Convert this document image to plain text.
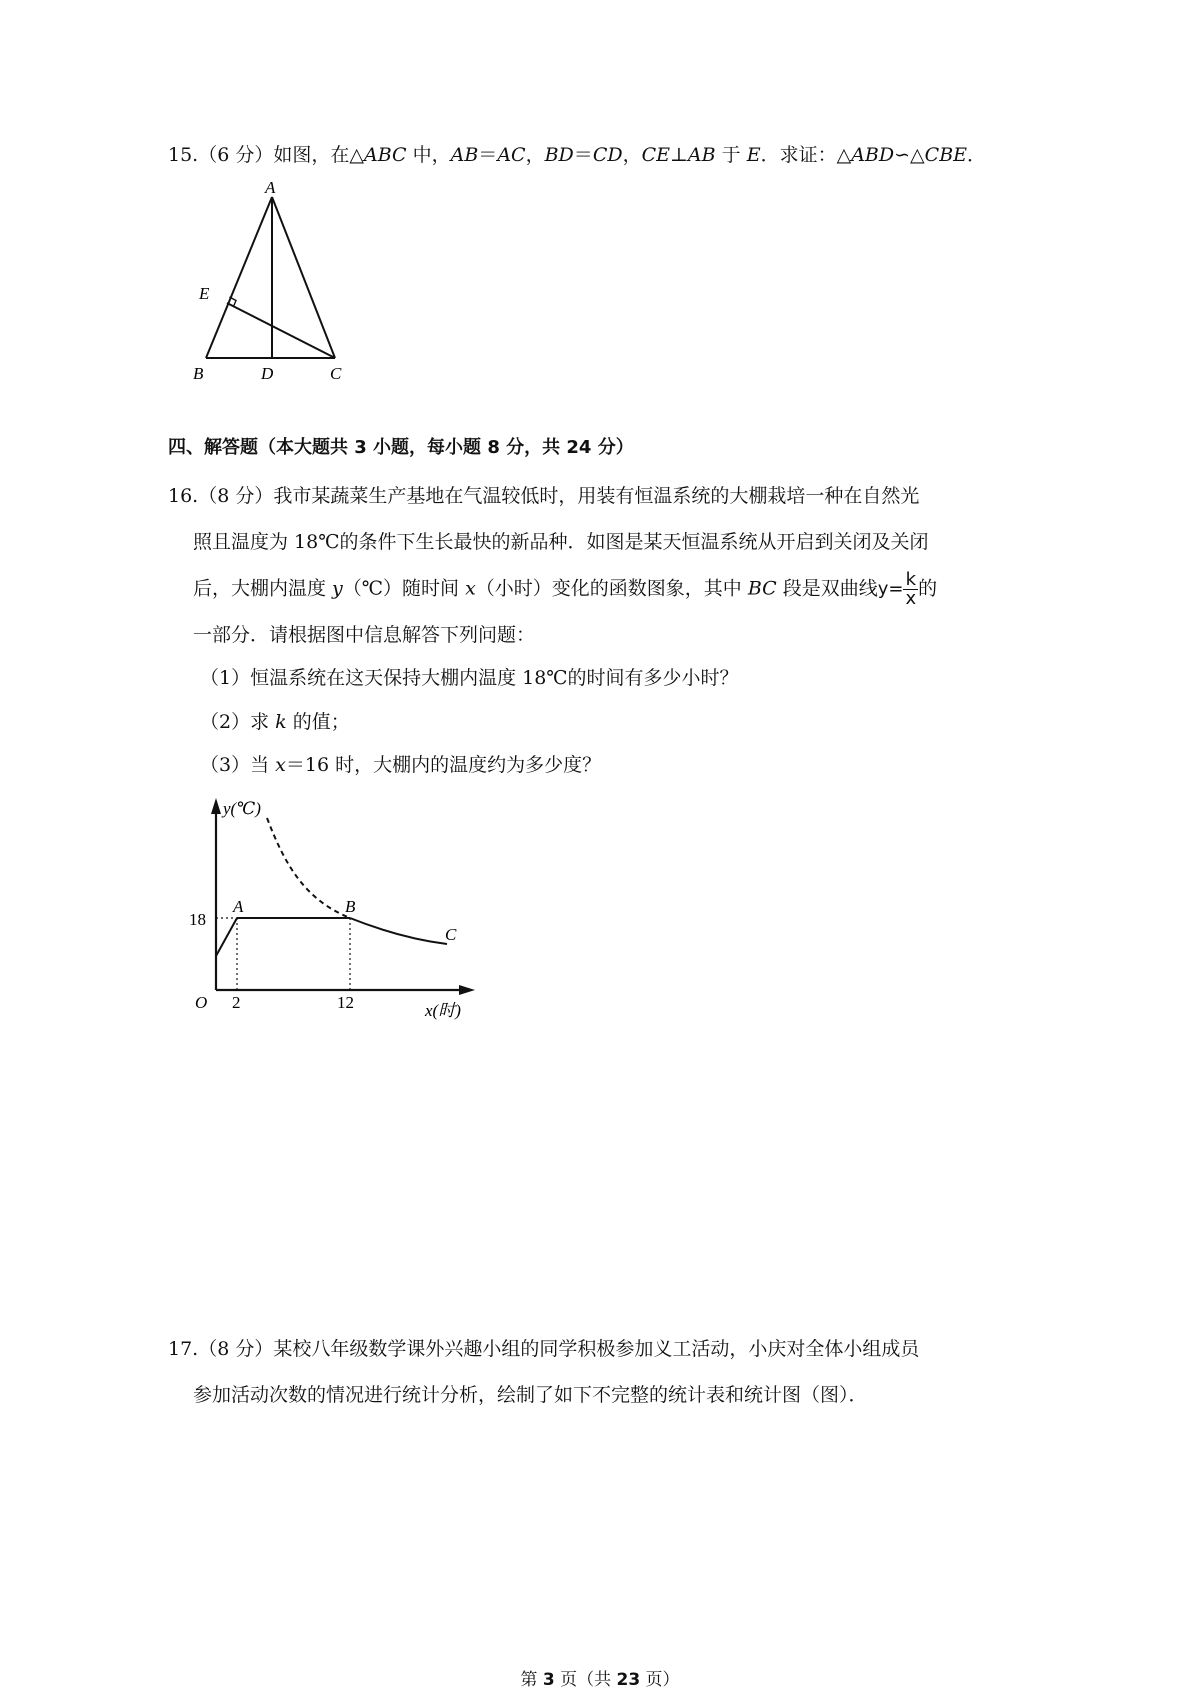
15.（6 分）如图，在△ABC 中，AB＝AC，BD＝CD，CE⊥AB 于 E．求证：△ABD∽△CBE．
A
E
B	D	C
四、解答题（本大题共 3 小题，每小题 8 分，共 24 分）
16.（8 分）我市某蔬菜生产基地在气温较低时，用装有恒温系统的大棚栽培一种在自然光
照且温度为 18℃的条件下生长最快的新品种．如图是某天恒温系统从开启到关闭及关闭
后，大棚内温度 y（℃）随时间 x（小时）变化的函数图象，其中 BC 段是双曲线$y= \frac{k}{x}$ 的
一部分．请根据图中信息解答下列问题：
（1）恒温系统在这天保持大棚内温度 18℃的时间有多少小时？
（2）求 k 的值；
（3）当 x＝16 时，大棚内的温度约为多少度？
y(℃)
x(时)
O
18
2	12
A	B
C
17.（8 分）某校八年级数学课外兴趣小组的同学积极参加义工活动，小庆对全体小组成员
参加活动次数的情况进行统计分析，绘制了如下不完整的统计表和统计图（图）．
第 3 页（共 23 页）
